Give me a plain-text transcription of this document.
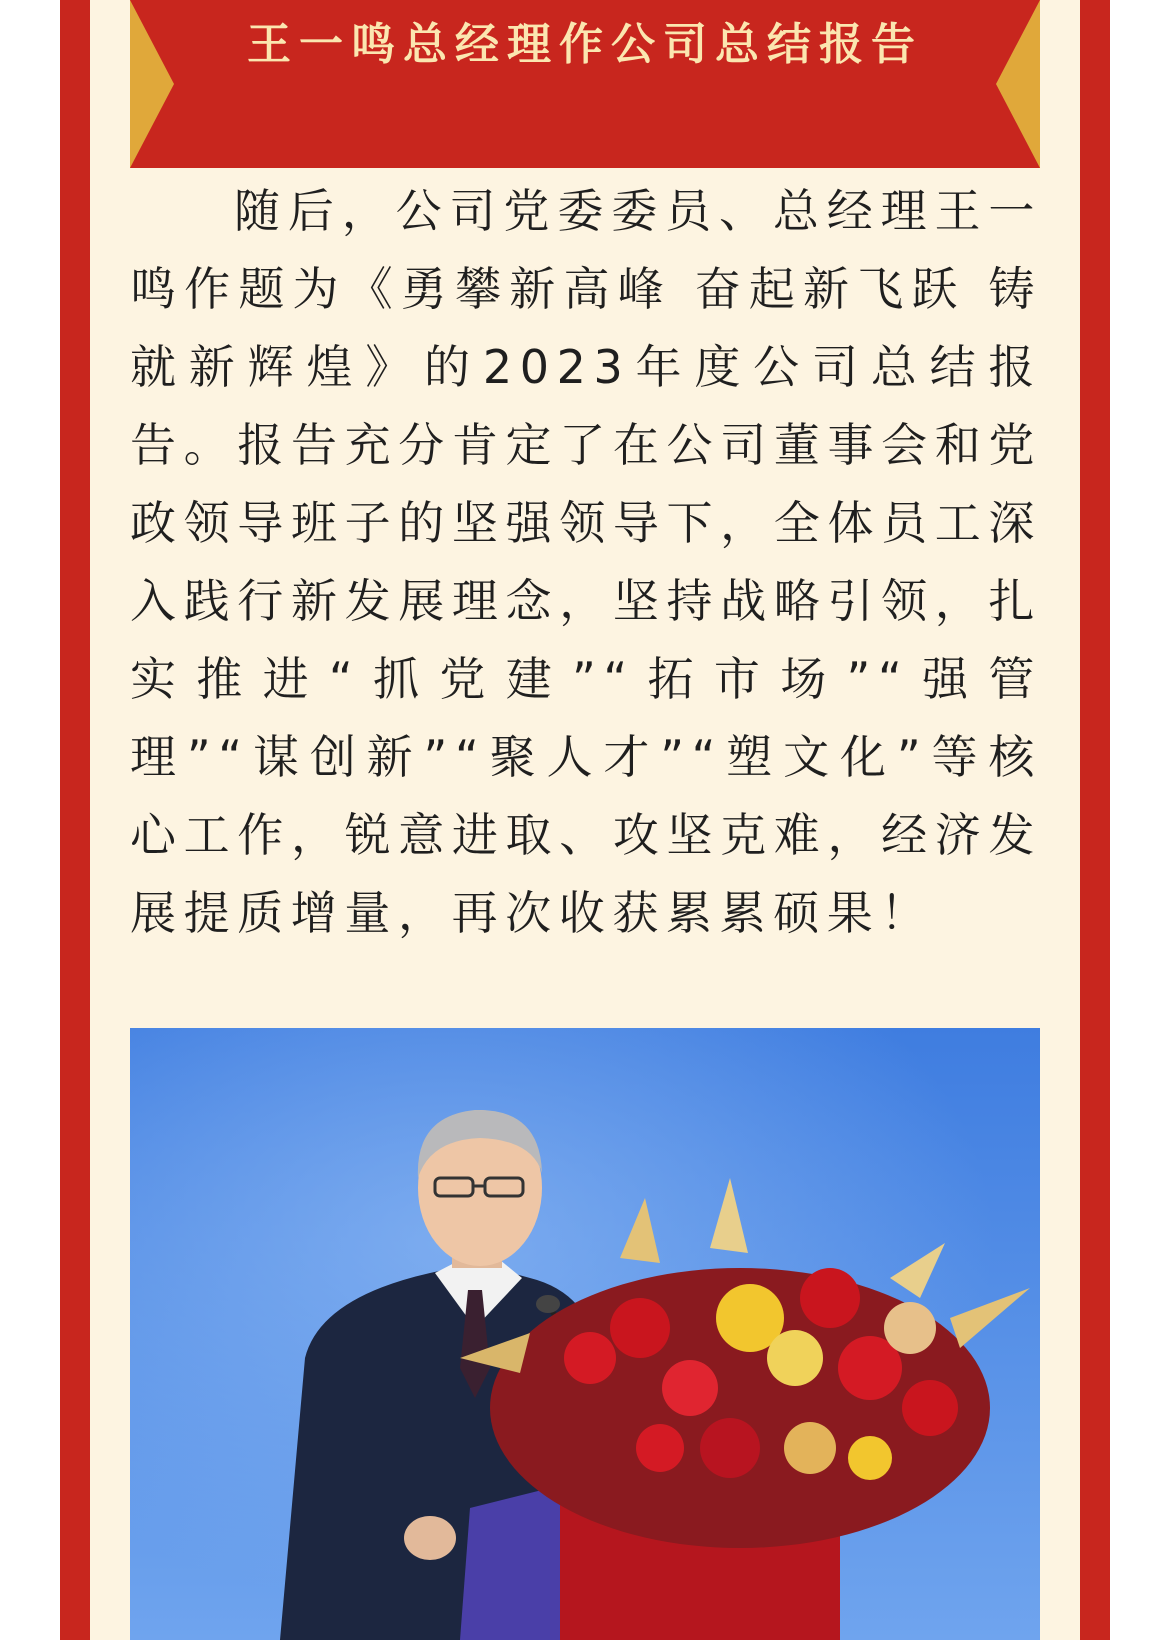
王一鸣总经理作公司总结报告

随后，公司党委委员、总经理王一鸣作题为《勇攀新高峰 奋起新飞跃 铸就新辉煌》的2023年度公司总结报告。报告充分肯定了在公司董事会和党政领导班子的坚强领导下，全体员工深入践行新发展理念，坚持战略引领，扎实推进“抓党建”“拓市场”“强管理”“谋创新”“聚人才”“塑文化”等核心工作，锐意进取、攻坚克难，经济发展提质增量，再次收获累累硕果！
